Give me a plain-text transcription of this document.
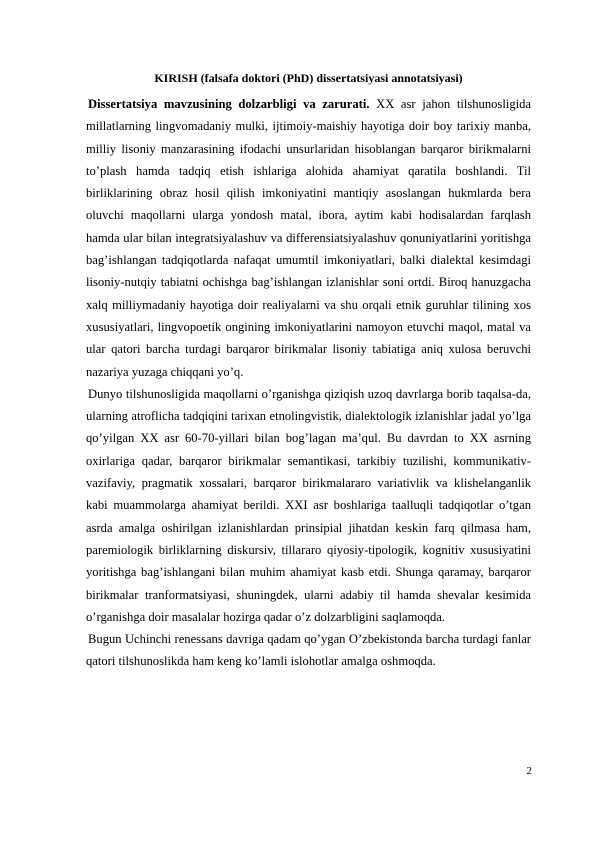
KIRISH (falsafa doktori (PhD) dissertatsiyasi annotatsiyasi)

Dissertatsiya mavzusining dolzarbligi va zarurati. XX asr jahon tilshunosligida millatlarning lingvomadaniy mulki, ijtimoiy-maishiy hayotiga doir boy tarixiy manba, milliy lisoniy manzarasining ifodachi unsurlaridan hisoblangan barqaror birikmalarni to’plash hamda tadqiq etish ishlariga alohida ahamiyat qaratila boshlandi. Til birliklarining obraz hosil qilish imkoniyatini mantiqiy asoslangan hukmlarda bera oluvchi maqollarni ularga yondosh matal, ibora, aytim kabi hodisalardan farqlash hamda ular bilan integratsiyalashuv va differensiatsiyalashuv qonuniyatlarini yoritishga bag’ishlangan tadqiqotlarda nafaqat umumtil imkoniyatlari, balki dialektal kesimdagi lisoniy-nutqiy tabiatni ochishga bag’ishlangan izlanishlar soni ortdi. Biroq hanuzgacha xalq milliymadaniy hayotiga doir realiyalarni va shu orqali etnik guruhlar tilining xos xususiyatlari, lingvopoetik ongining imkoniyatlarini namoyon etuvchi maqol, matal va ular qatori barcha turdagi barqaror birikmalar lisoniy tabiatiga aniq xulosa beruvchi nazariya yuzaga chiqqani yo’q.

Dunyo tilshunosligida maqollarni o’rganishga qiziqish uzoq davrlarga borib taqalsa-da, ularning atroflicha tadqiqini tarixan etnolingvistik, dialektologik izlanishlar jadal yo’lga qo’yilgan XX asr 60-70-yillari bilan bog’lagan ma’qul. Bu davrdan to XX asrning oxirlariga qadar, barqaror birikmalar semantikasi, tarkibiy tuzilishi, kommunikativ-vazifaviy, pragmatik xossalari, barqaror birikmalararo variativlik va klishelanganlik kabi muammolarga ahamiyat berildi. XXI asr boshlariga taalluqli tadqiqotlar o’tgan asrda amalga oshirilgan izlanishlardan prinsipial jihatdan keskin farq qilmasa ham, paremiologik birliklarning diskursiv, tillararo qiyosiy-tipologik, kognitiv xususiyatini yoritishga bag’ishlangani bilan muhim ahamiyat kasb etdi. Shunga qaramay, barqaror birikmalar tranformatsiyasi, shuningdek, ularni adabiy til hamda shevalar kesimida o’rganishga doir masalalar hozirga qadar o’z dolzarbligini saqlamoqda.

Bugun Uchinchi renessans davriga qadam qo’ygan O’zbekistonda barcha turdagi fanlar qatori tilshunoslikda ham keng ko’lamli islohotlar amalga oshmoqda.

2
